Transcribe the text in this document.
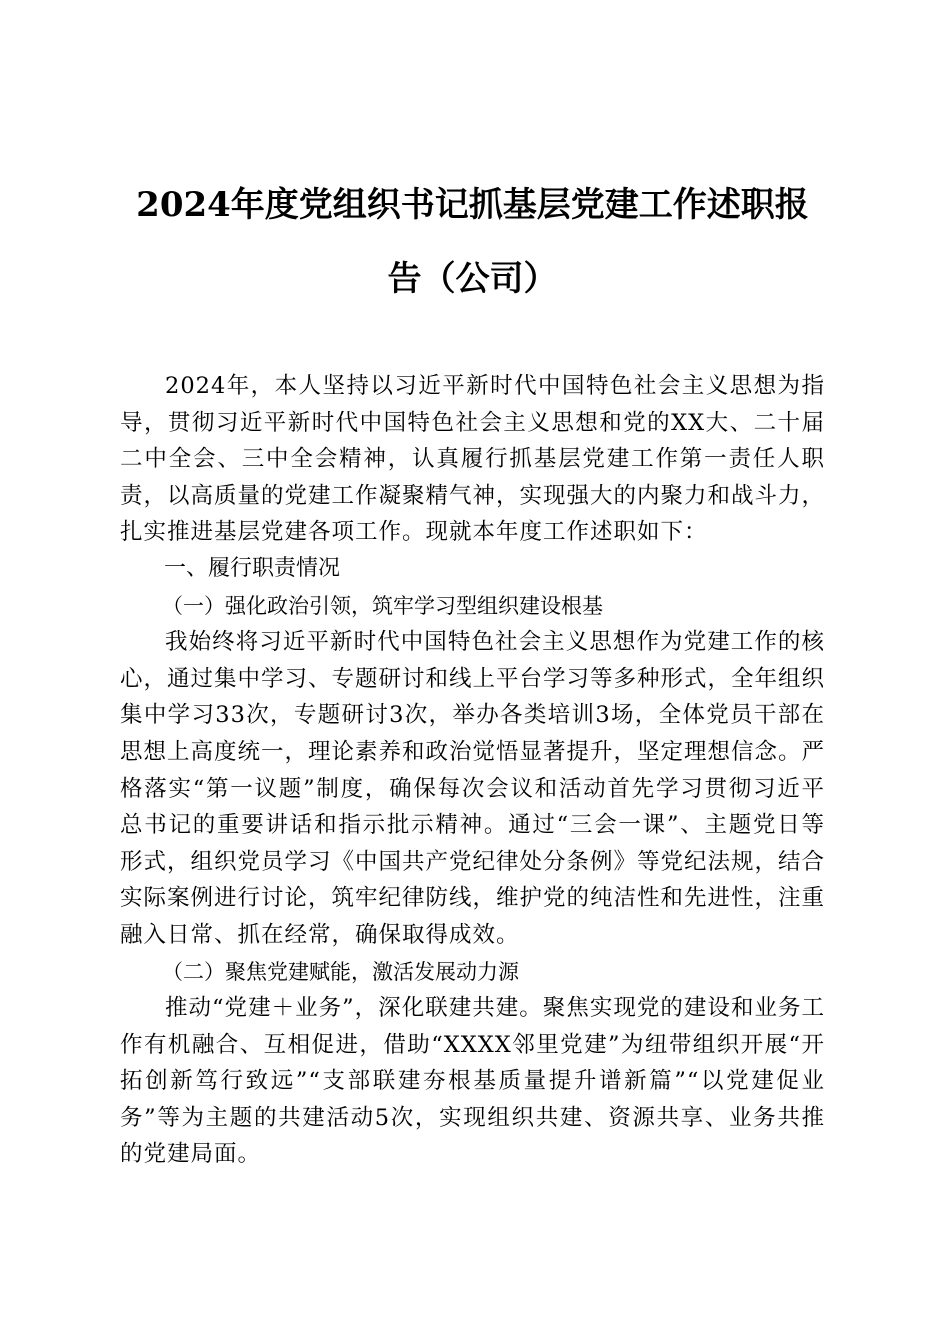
2024年度党组织书记抓基层党建工作述职报告（公司）

2024年，本人坚持以习近平新时代中国特色社会主义思想为指导，贯彻习近平新时代中国特色社会主义思想和党的XX大、二十届二中全会、三中全会精神，认真履行抓基层党建工作第一责任人职责，以高质量的党建工作凝聚精气神，实现强大的内聚力和战斗力，扎实推进基层党建各项工作。现就本年度工作述职如下：

一、履行职责情况

（一）强化政治引领，筑牢学习型组织建设根基

我始终将习近平新时代中国特色社会主义思想作为党建工作的核心，通过集中学习、专题研讨和线上平台学习等多种形式，全年组织集中学习33次，专题研讨3次，举办各类培训3场，全体党员干部在思想上高度统一，理论素养和政治觉悟显著提升，坚定理想信念。严格落实“第一议题”制度，确保每次会议和活动首先学习贯彻习近平总书记的重要讲话和指示批示精神。通过“三会一课”、主题党日等形式，组织党员学习《中国共产党纪律处分条例》等党纪法规，结合实际案例进行讨论，筑牢纪律防线，维护党的纯洁性和先进性，注重融入日常、抓在经常，确保取得成效。

（二）聚焦党建赋能，激活发展动力源

推动“党建＋业务”，深化联建共建。聚焦实现党的建设和业务工作有机融合、互相促进，借助“XXXX邻里党建”为纽带组织开展“开拓创新笃行致远”“支部联建夯根基质量提升谱新篇”“以党建促业务”等为主题的共建活动5次，实现组织共建、资源共享、业务共推的党建局面。
